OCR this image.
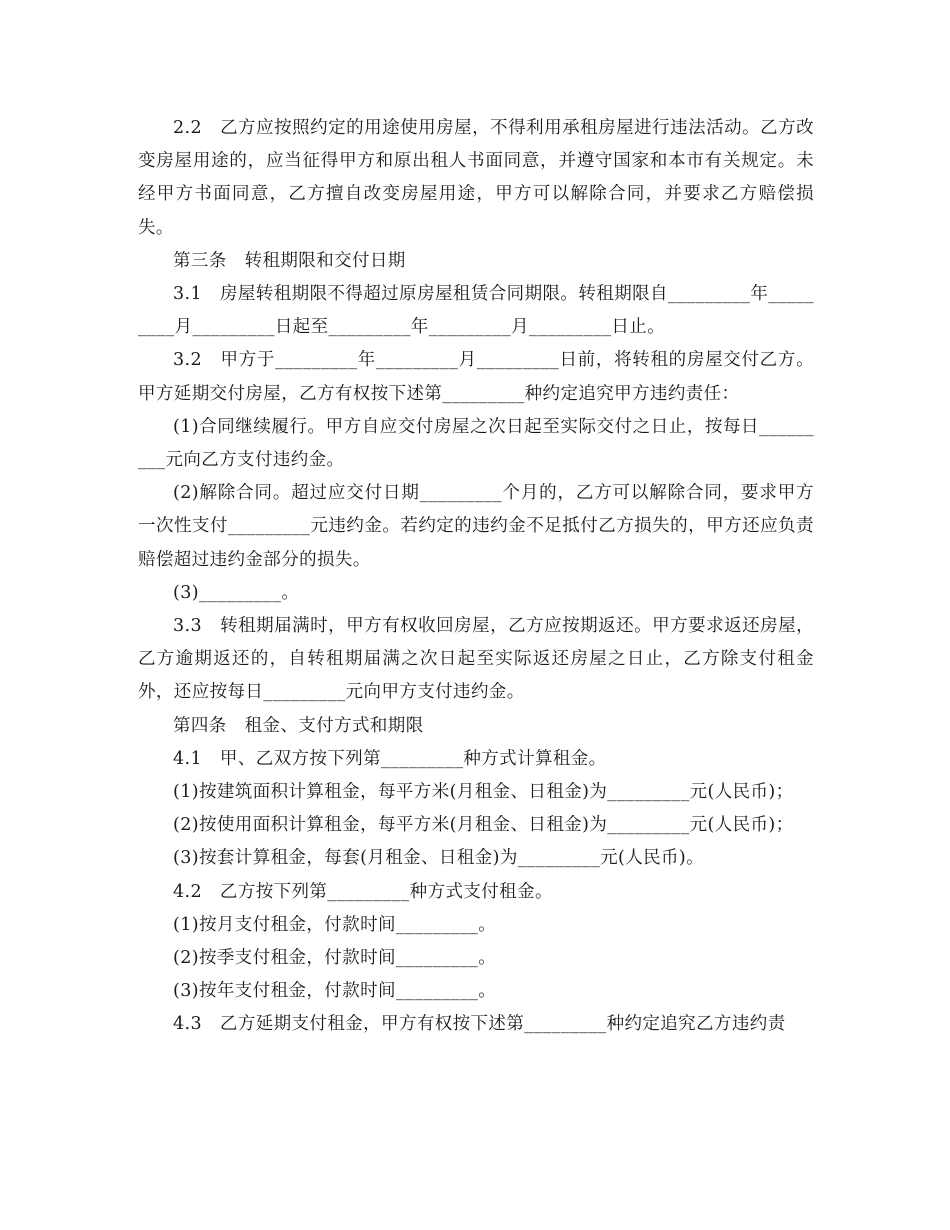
2.2　乙方应按照约定的用途使用房屋，不得利用承租房屋进行违法活动。乙方改变房屋用途的，应当征得甲方和原出租人书面同意，并遵守国家和本市有关规定。未经甲方书面同意，乙方擅自改变房屋用途，甲方可以解除合同，并要求乙方赔偿损失。

第三条　转租期限和交付日期

3.1　房屋转租期限不得超过原房屋租赁合同期限。转租期限自_________年_________月_________日起至_________年_________月_________日止。

3.2　甲方于_________年_________月_________日前，将转租的房屋交付乙方。甲方延期交付房屋，乙方有权按下述第_________种约定追究甲方违约责任：

(1)合同继续履行。甲方自应交付房屋之次日起至实际交付之日止，按每日_________元向乙方支付违约金。

(2)解除合同。超过应交付日期_________个月的，乙方可以解除合同，要求甲方一次性支付_________元违约金。若约定的违约金不足抵付乙方损失的，甲方还应负责赔偿超过违约金部分的损失。

(3)_________。

3.3　转租期届满时，甲方有权收回房屋，乙方应按期返还。甲方要求返还房屋，乙方逾期返还的，自转租期届满之次日起至实际返还房屋之日止，乙方除支付租金外，还应按每日_________元向甲方支付违约金。

第四条　租金、支付方式和期限

4.1　甲、乙双方按下列第_________种方式计算租金。

(1)按建筑面积计算租金，每平方米(月租金、日租金)为_________元(人民币)；

(2)按使用面积计算租金，每平方米(月租金、日租金)为_________元(人民币)；

(3)按套计算租金，每套(月租金、日租金)为_________元(人民币)。

4.2　乙方按下列第_________种方式支付租金。

(1)按月支付租金，付款时间_________。

(2)按季支付租金，付款时间_________。

(3)按年支付租金，付款时间_________。

4.3　乙方延期支付租金，甲方有权按下述第_________种约定追究乙方违约责
